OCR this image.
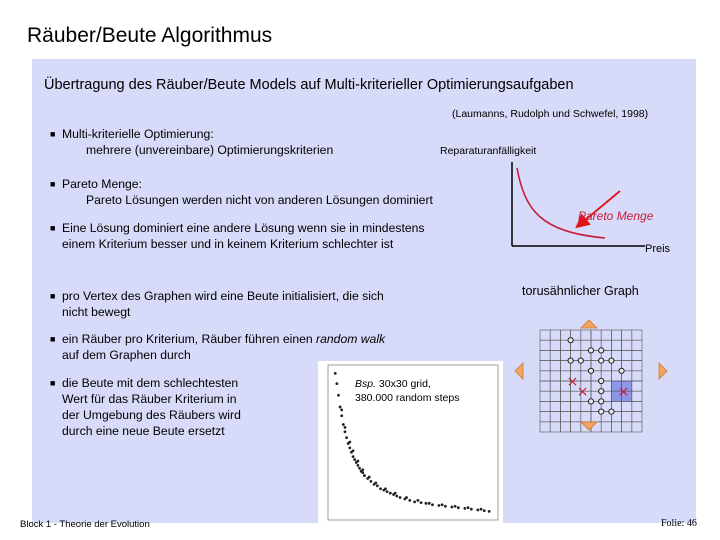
Räuber/Beute Algorithmus
Übertragung des Räuber/Beute Models auf Multi-kriterieller Optimierungsaufgaben
(Laumanns, Rudolph und Schwefel, 1998)
■ Multi-kriterielle Optimierung:
mehrere (unvereinbare) Optimierungskriterien
■ Pareto Menge:
Pareto Lösungen werden nicht von anderen Lösungen dominiert
■ Eine Lösung dominiert eine andere Lösung wenn sie in mindestens
einem Kriterium besser und in keinem Kriterium schlechter ist
■ pro Vertex des Graphen wird eine Beute initialisiert, die sich
nicht bewegt
■ ein Räuber pro Kriterium, Räuber führen einen random walk
auf dem Graphen durch
■ die Beute mit dem schlechtesten
Wert für das Räuber Kriterium in
der Umgebung des Räubers wird
durch eine neue Beute ersetzt
Reparaturanfälligkeit
Preis
Pareto Menge
Bsp. 30x30 grid,
380.000 random steps
torusähnlicher Graph
×
× ×
Block 1 - Theorie der Evolution	Folie: 46
